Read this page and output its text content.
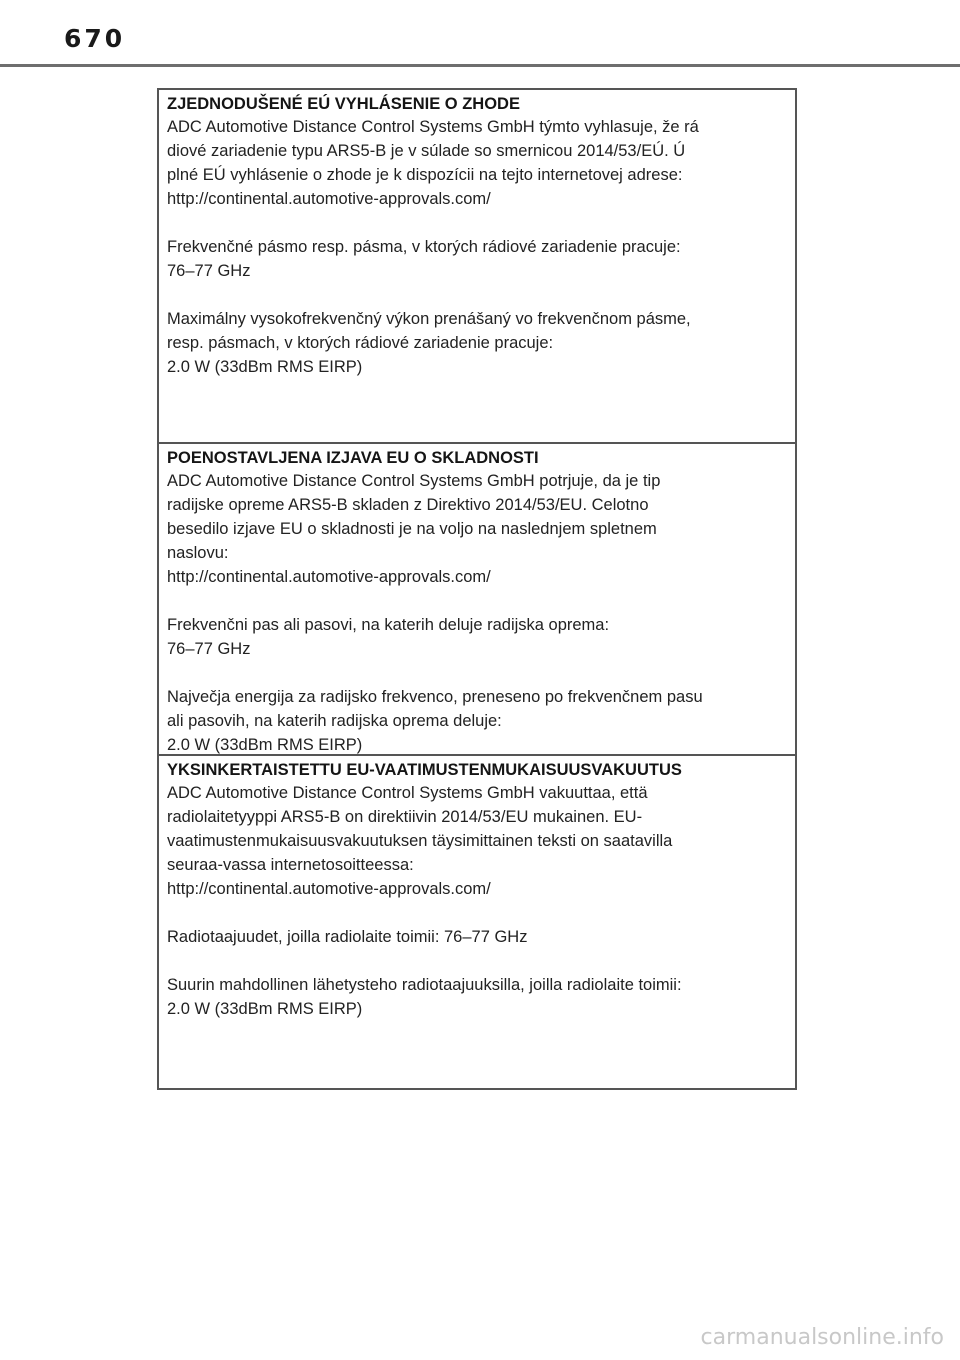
670
ZJEDNODUŠENÉ EÚ VYHLÁSENIE O ZHODE
ADC Automotive Distance Control Systems GmbH týmto vyhlasuje, že rá
diové zariadenie typu ARS5-B je v súlade so smernicou 2014/53/EÚ. Ú
plné EÚ vyhlásenie o zhode je k dispozícii na tejto internetovej adrese:
http://continental.automotive-approvals.com/
Frekvenčné pásmo resp. pásma, v ktorých rádiové zariadenie pracuje:
76–77 GHz
Maximálny vysokofrekvenčný výkon prenášaný vo frekvenčnom pásme,
resp. pásmach, v ktorých rádiové zariadenie pracuje:
2.0 W (33dBm RMS EIRP)
POENOSTAVLJENA IZJAVA EU O SKLADNOSTI
ADC Automotive Distance Control Systems GmbH potrjuje, da je tip
radijske opreme ARS5-B skladen z Direktivo 2014/53/EU. Celotno
besedilo izjave EU o skladnosti je na voljo na naslednjem spletnem
naslovu:
http://continental.automotive-approvals.com/
Frekvenčni pas ali pasovi, na katerih deluje radijska oprema:
76–77 GHz
Največja energija za radijsko frekvenco, preneseno po frekvenčnem pasu
ali pasovih, na katerih radijska oprema deluje:
2.0 W (33dBm RMS EIRP)
YKSINKERTAISTETTU EU-VAATIMUSTENMUKAISUUSVAKUUTUS
ADC Automotive Distance Control Systems GmbH vakuuttaa, että
radiolaitetyyppi ARS5-B on direktiivin 2014/53/EU mukainen. EU-
vaatimustenmukaisuusvakuutuksen täysimittainen teksti on saatavilla
seuraa-vassa internetosoitteessa:
http://continental.automotive-approvals.com/
Radiotaajuudet, joilla radiolaite toimii: 76–77 GHz
Suurin mahdollinen lähetysteho radiotaajuuksilla, joilla radiolaite toimii:
2.0 W (33dBm RMS EIRP)
carmanualsonline.info
